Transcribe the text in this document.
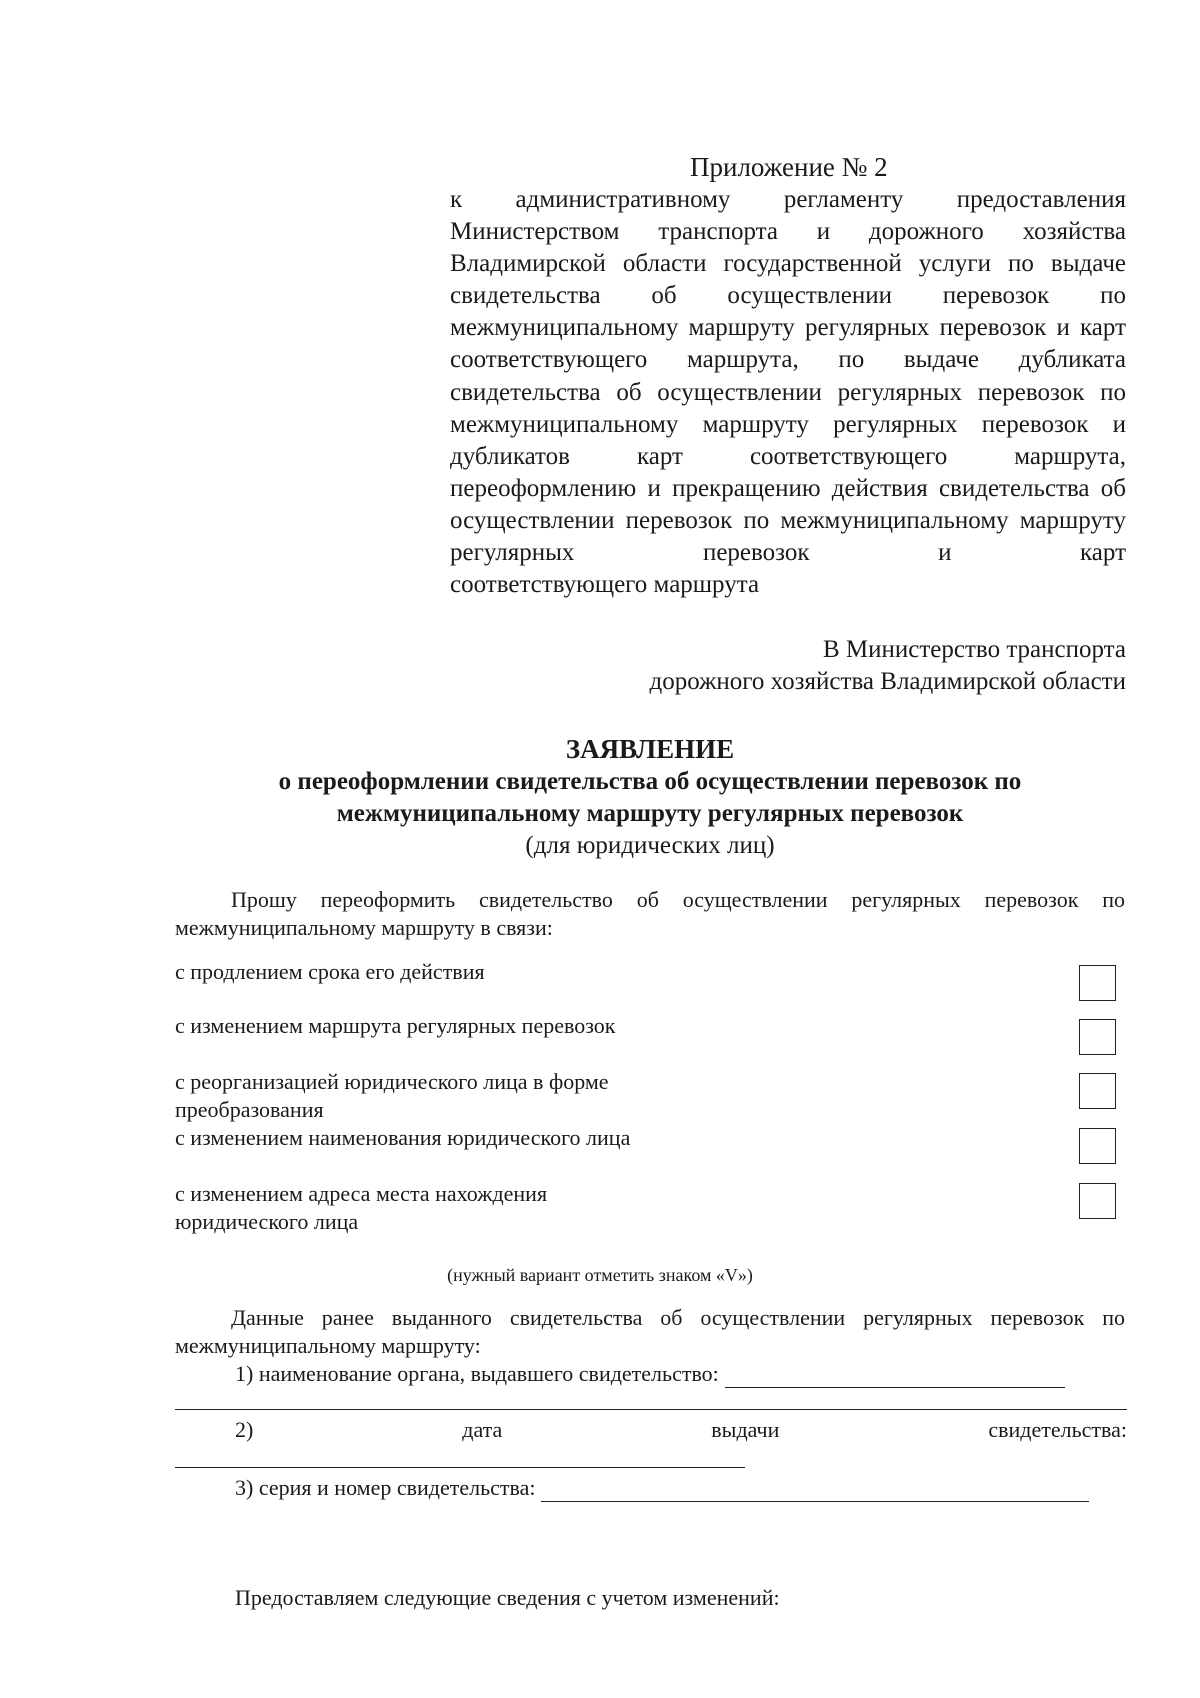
Приложение № 2
к административному регламенту предоставления Министерством транспорта и дорожного хозяйства Владимирской области государственной услуги по выдаче свидетельства об осуществлении перевозок по межмуниципальному маршруту регулярных перевозок и карт соответствующего маршрута, по выдаче дубликата свидетельства об осуществлении регулярных перевозок по межмуниципальному маршруту регулярных перевозок и дубликатов карт соответствующего маршрута, переоформлению и прекращению действия свидетельства об осуществлении перевозок по межмуниципальному маршруту регулярных перевозок и карт
соответствующего маршрута
В Министерство транспорта
дорожного хозяйства Владимирской области
ЗАЯВЛЕНИЕ
о переоформлении свидетельства об осуществлении перевозок по
межмуниципальному маршруту регулярных перевозок
(для юридических лиц)
Прошу переоформить свидетельство об осуществлении регулярных перевозок по межмуниципальному маршруту в связи:
с продлением срока его действия
с изменением маршрута регулярных перевозок
с реорганизацией юридического лица в форме преобразования
с изменением наименования юридического лица
с изменением адреса места нахождения юридического лица
(нужный вариант отметить знаком «V»)
Данные ранее выданного свидетельства об осуществлении регулярных перевозок по межмуниципальному маршруту:
1) наименование органа, выдавшего свидетельство:
2)	дата	выдачи	свидетельства:
3) серия и номер свидетельства:
Предоставляем следующие сведения с учетом изменений:
